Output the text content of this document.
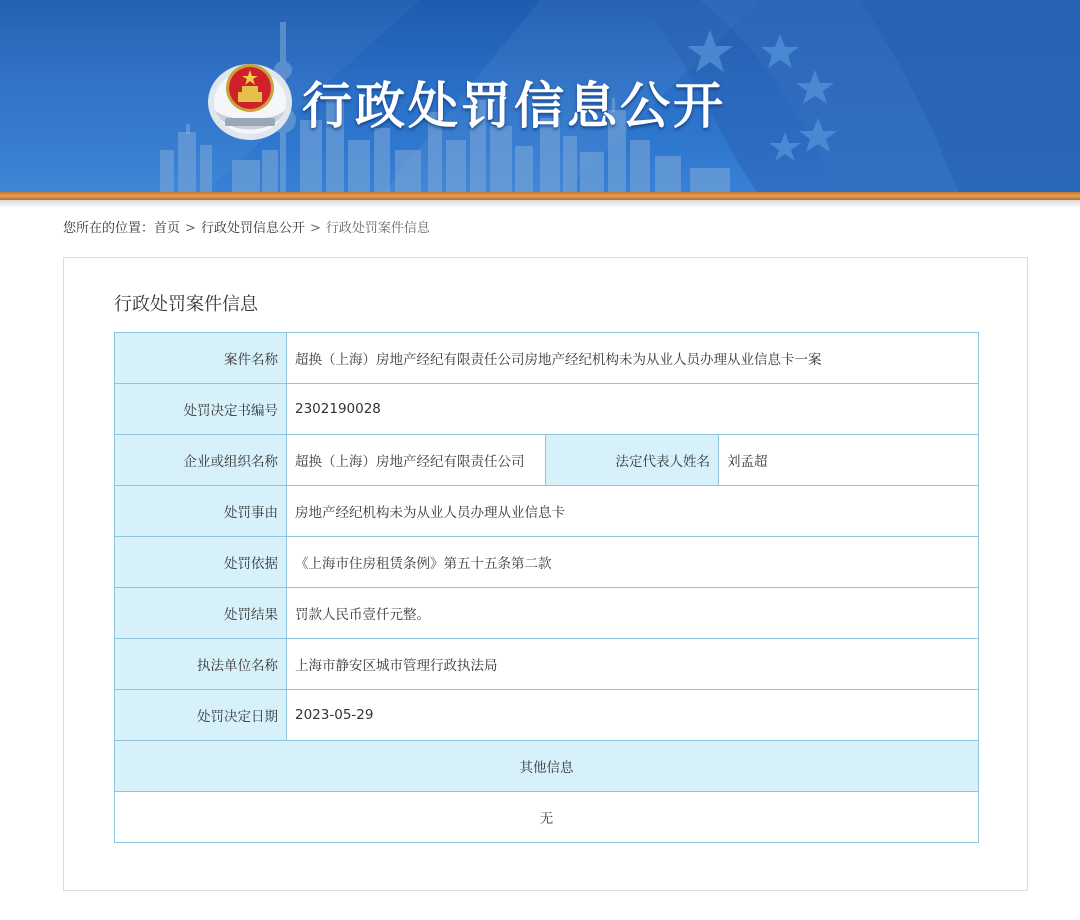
行政处罚信息公开
您所在的位置：首页 > 行政处罚信息公开 > 行政处罚案件信息
行政处罚案件信息
案件名称	超换（上海）房地产经纪有限责任公司房地产经纪机构未为从业人员办理从业信息卡一案		
处罚决定书编号	2302190028		
企业或组织名称	超换（上海）房地产经纪有限责任公司	法定代表人姓名	刘孟超
处罚事由	房地产经纪机构未为从业人员办理从业信息卡		
处罚依据	《上海市住房租赁条例》第五十五条第二款		
处罚结果	罚款人民币壹仟元整。		
执法单位名称	上海市静安区城市管理行政执法局		
处罚决定日期	2023-05-29		
其他信息			
无			
